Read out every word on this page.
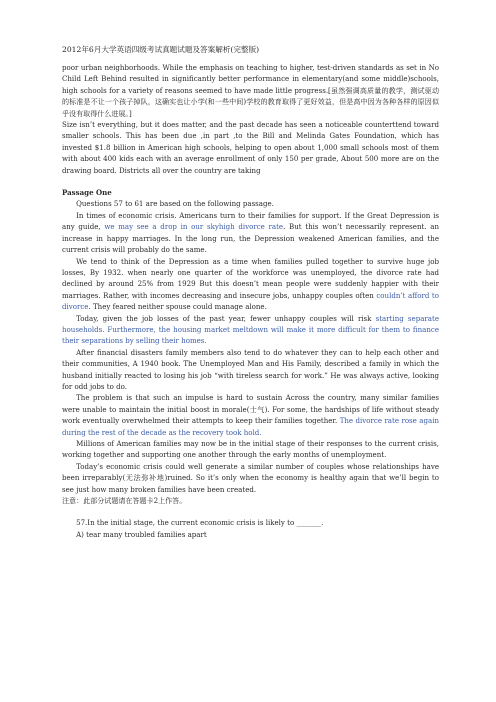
2012年6月大学英语四级考试真题试题及答案解析(完整版)

poor urban neighborhoods. While the emphasis on teaching to higher, test-driven standards as set in No Child Left Behind resulted in significantly better performance in elementary(and some middle)schools, high schools for a variety of reasons seemed to have made little progress.[虽然强调高质量的教学，测试驱动的标准是不让一个孩子掉队，这确实也让小学(和一些中间)学校的教育取得了更好效益，但是高中因为各种各样的原因似乎没有取得什么进展。]

Size isn’t everything, but it does matter, and the past decade has seen a noticeable counterttend toward smaller schools. This has been due ,in part ,to the Bill and Melinda Gates Foundation, which has invested $1.8 billion in American high schools, helping to open about 1,000 small schools most of them with about 400 kids each with an average enrollment of only 150 per grade, About 500 more are on the drawing board. Districts all over the country are taking

Passage One

Questions 57 to 61 are based on the following passage.

In times of economic crisis. Americans turn to their families for support. If the Great Depression is any guide, we may see a drop in our skyhigh divorce rate. But this won’t necessarily represent. an increase in happy marriages. In the long run, the Depression weakened American families, and the current crisis will probably do the same.

We tend to think of the Depression as a time when families pulled together to survive huge job losses, By 1932. when nearly one quarter of the workforce was unemployed, the divorce rate had declined by around 25% from 1929 But this doesn’t mean people were suddenly happier with their marriages. Rather, with incomes decreasing and insecure jobs, unhappy couples often couldn’t afford to divorce. They feared neither spouse could manage alone.

Today, given the job losses of the past year, fewer unhappy couples will risk starting separate households. Furthermore, the housing market meltdown will make it more difficult for them to finance their separations by selling their homes.

After financial disasters family members also tend to do whatever they can to help each other and their communities, A 1940 book. The Unemployed Man and His Family, described a family in which the husband initially reacted to losing his job “with tireless search for work.” He was always active, looking for odd jobs to do.

The problem is that such an impulse is hard to sustain Across the country, many similar families were unable to maintain the initial boost in morale(士气). For some, the hardships of life without steady work eventually overwhelmed their attempts to keep their families together. The divorce rate rose again during the rest of the decade as the recovery took hold.

Millions of American families may now be in the initial stage of their responses to the current crisis, working together and supporting one another through the early months of unemployment.

Today’s economic crisis could well generate a similar number of couples whose relationships have been irreparably(无法弥补地)ruined. So it’s only when the economy is healthy again that we’ll begin to see just how many broken families have been created.

注意：此部分试题请在答题卡2上作答。

57.In the initial stage, the current economic crisis is likely to _______.

A) tear many troubled families apart
